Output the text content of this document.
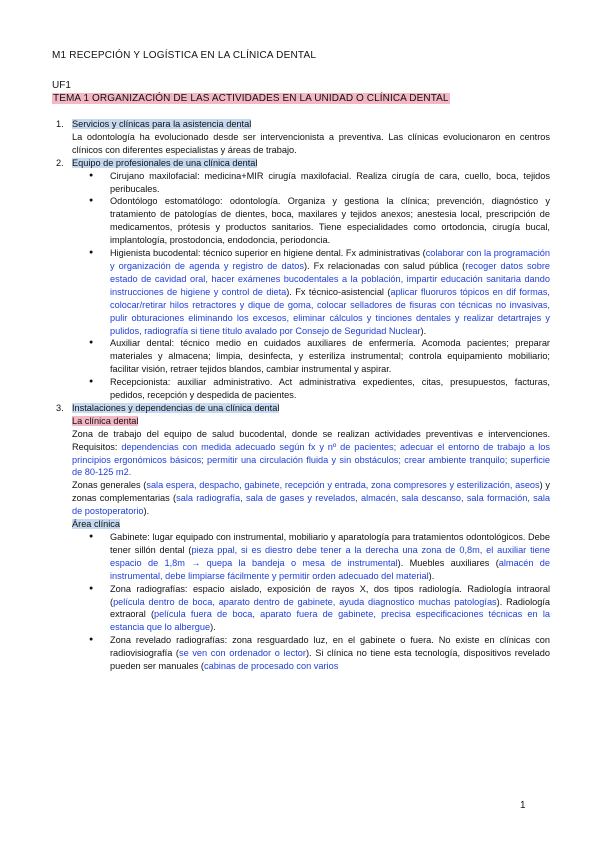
M1 RECEPCIÓN Y LOGÍSTICA EN LA CLÍNICA DENTAL
UF1
TEMA 1 ORGANIZACIÓN DE LAS ACTIVIDADES EN LA UNIDAD O CLÍNICA DENTAL
1. Servicios y clínicas para la asistencia dental
La odontología ha evolucionado desde ser intervencionista a preventiva. Las clínicas evolucionaron en centros clínicos con diferentes especialistas y áreas de trabajo.
2. Equipo de profesionales de una clínica dental
● Cirujano maxilofacial: medicina+MIR cirugía maxilofacial. Realiza cirugía de cara, cuello, boca, tejidos peribucales.
● Odontólogo estomatólogo: odontología. Organiza y gestiona la clínica; prevención, diagnóstico y tratamiento de patologías de dientes, boca, maxilares y tejidos anexos; anestesia local, prescripción de medicamentos, prótesis y productos sanitarios. Tiene especialidades como ortodoncia, cirugía bucal, implantología, prostodoncia, endodoncia, periodoncia.
● Higienista bucodental: técnico superior en higiene dental. Fx administrativas (colaborar con la programación y organización de agenda y registro de datos). Fx relacionadas con salud pública (recoger datos sobre estado de cavidad oral, hacer exámenes bucodentales a la población, impartir educación sanitaria dando instrucciones de higiene y control de dieta). Fx técnico-asistencial (aplicar fluoruros tópicos en dif formas, colocar/retirar hilos retractores y dique de goma, colocar selladores de fisuras con técnicas no invasivas, pulir obturaciones eliminando los excesos, eliminar cálculos y tinciones dentales y realizar detartrajes y pulidos, radiografía si tiene título avalado por Consejo de Seguridad Nuclear).
● Auxiliar dental: técnico medio en cuidados auxiliares de enfermería. Acomoda pacientes; preparar materiales y almacena; limpia, desinfecta, y esteriliza instrumental; controla equipamiento mobiliario; facilitar visión, retraer tejidos blandos, cambiar instrumental y aspirar.
● Recepcionista: auxiliar administrativo. Act administrativa expedientes, citas, presupuestos, facturas, pedidos, recepción y despedida de pacientes.
3. Instalaciones y dependencias de una clínica dental
La clínica dental
Zona de trabajo del equipo de salud bucodental, donde se realizan actividades preventivas e intervenciones. Requisitos: dependencias con medida adecuado según fx y nº de pacientes; adecuar el entorno de trabajo a los principios ergonómicos básicos; permitir una circulación fluida y sin obstáculos; crear ambiente tranquilo; superficie de 80-125 m2.
Zonas generales (sala espera, despacho, gabinete, recepción y entrada, zona compresores y esterilización, aseos) y zonas complementarias (sala radiografía, sala de gases y revelados, almacén, sala descanso, sala formación, sala de postoperatorio).
Área clínica
● Gabinete: lugar equipado con instrumental, mobiliario y aparatología para tratamientos odontológicos. Debe tener sillón dental (pieza ppal, si es diestro debe tener a la derecha una zona de 0,8m, el auxiliar tiene espacio de 1,8m → quepa la bandeja o mesa de instrumental). Muebles auxiliares (almacén de instrumental, debe limpiarse fácilmente y permitir orden adecuado del material).
● Zona radiografías: espacio aislado, exposición de rayos X, dos tipos radiología. Radiología intraoral (película dentro de boca, aparato dentro de gabinete, ayuda diagnostico muchas patologías). Radiología extraoral (película fuera de boca, aparato fuera de gabinete, precisa especificaciones técnicas en la estancia que lo albergue).
● Zona revelado radiografías: zona resguardado luz, en el gabinete o fuera. No existe en clínicas con radiovisiografía (se ven con ordenador o lector). Si clínica no tiene esta tecnología, dispositivos revelado pueden ser manuales (cabinas de procesado con varios
1
